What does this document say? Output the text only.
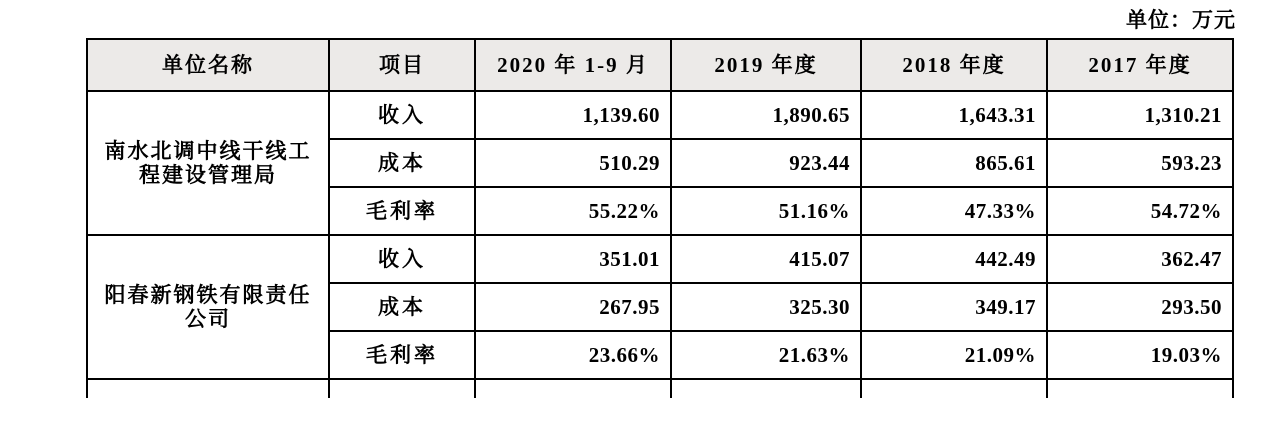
单位：万元
单位名称	项目	2020 年 1-9 月	2019 年度	2018 年度	2017 年度
南水北调中线干线工程建设管理局	收入	1,139.60	1,890.65	1,643.31	1,310.21
	成本	510.29	923.44	865.61	593.23
	毛利率	55.22%	51.16%	47.33%	54.72%
阳春新钢铁有限责任公司	收入	351.01	415.07	442.49	362.47
	成本	267.95	325.30	349.17	293.50
	毛利率	23.66%	21.63%	21.09%	19.03%
